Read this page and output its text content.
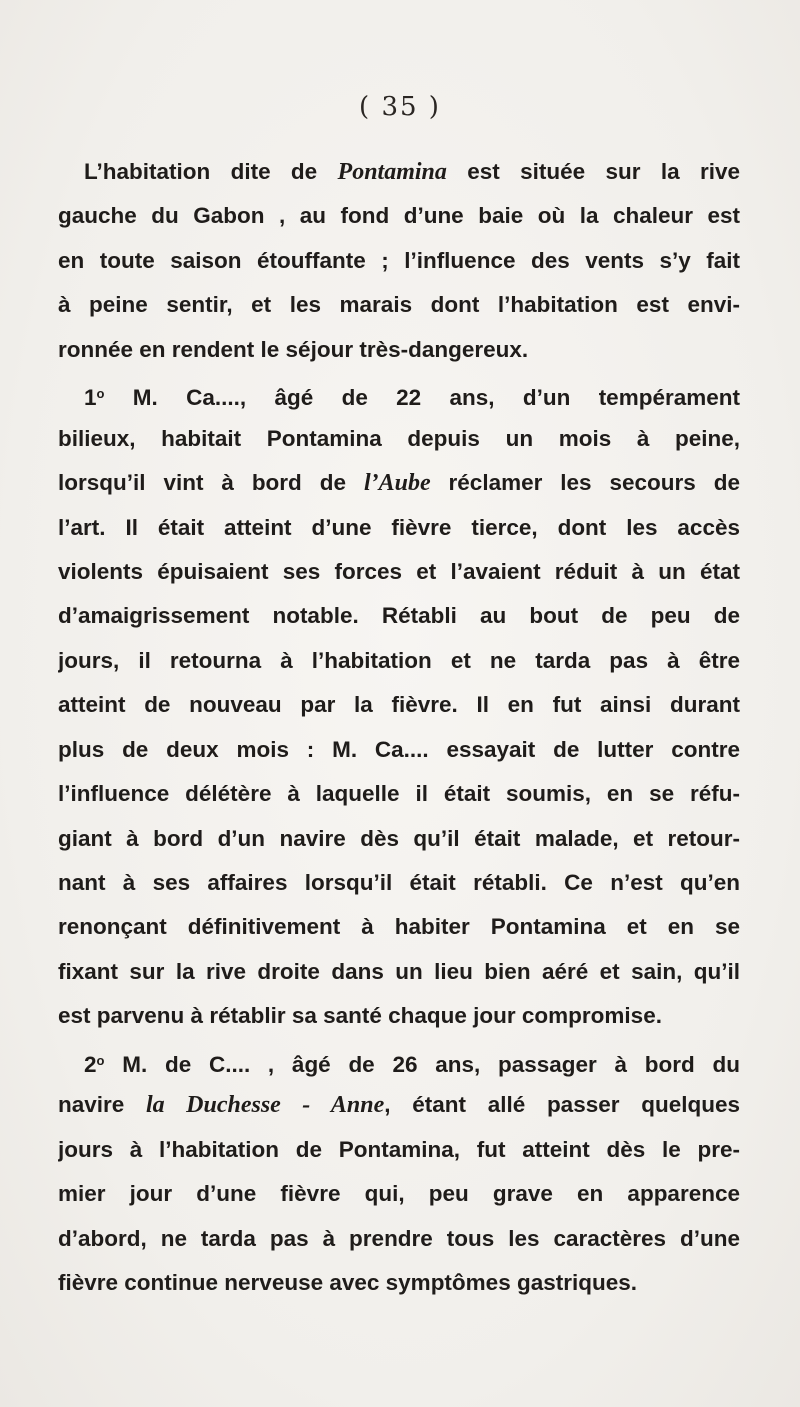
( 35 )
L’habitation dite de Pontamina est située sur la rive
gauche du Gabon , au fond d’une baie où la chaleur est
en toute saison étouffante ; l’influence des vents s’y fait
à peine sentir, et les marais dont l’habitation est envi-
ronnée en rendent le séjour très-dangereux.
1$^o$ M. Ca...., âgé de 22 ans, d’un tempérament
bilieux, habitait Pontamina depuis un mois à peine,
lorsqu’il vint à bord de l’Aube réclamer les secours de
l’art. Il était atteint d’une fièvre tierce, dont les accès
violents épuisaient ses forces et l’avaient réduit à un état
d’amaigrissement notable. Rétabli au bout de peu de
jours, il retourna à l’habitation et ne tarda pas à être
atteint de nouveau par la fièvre. Il en fut ainsi durant
plus de deux mois : M. Ca.... essayait de lutter contre
l’influence délétère à laquelle il était soumis, en se réfu-
giant à bord d’un navire dès qu’il était malade, et retour-
nant à ses affaires lorsqu’il était rétabli. Ce n’est qu’en
renonçant définitivement à habiter Pontamina et en se
fixant sur la rive droite dans un lieu bien aéré et sain, qu’il
est parvenu à rétablir sa santé chaque jour compromise.
2$^o$ M. de C.... , âgé de 26 ans, passager à bord du
navire la Duchesse - Anne, étant allé passer quelques
jours à l’habitation de Pontamina, fut atteint dès le pre-
mier jour d’une fièvre qui, peu grave en apparence
d’abord, ne tarda pas à prendre tous les caractères d’une
fièvre continue nerveuse avec symptômes gastriques.
